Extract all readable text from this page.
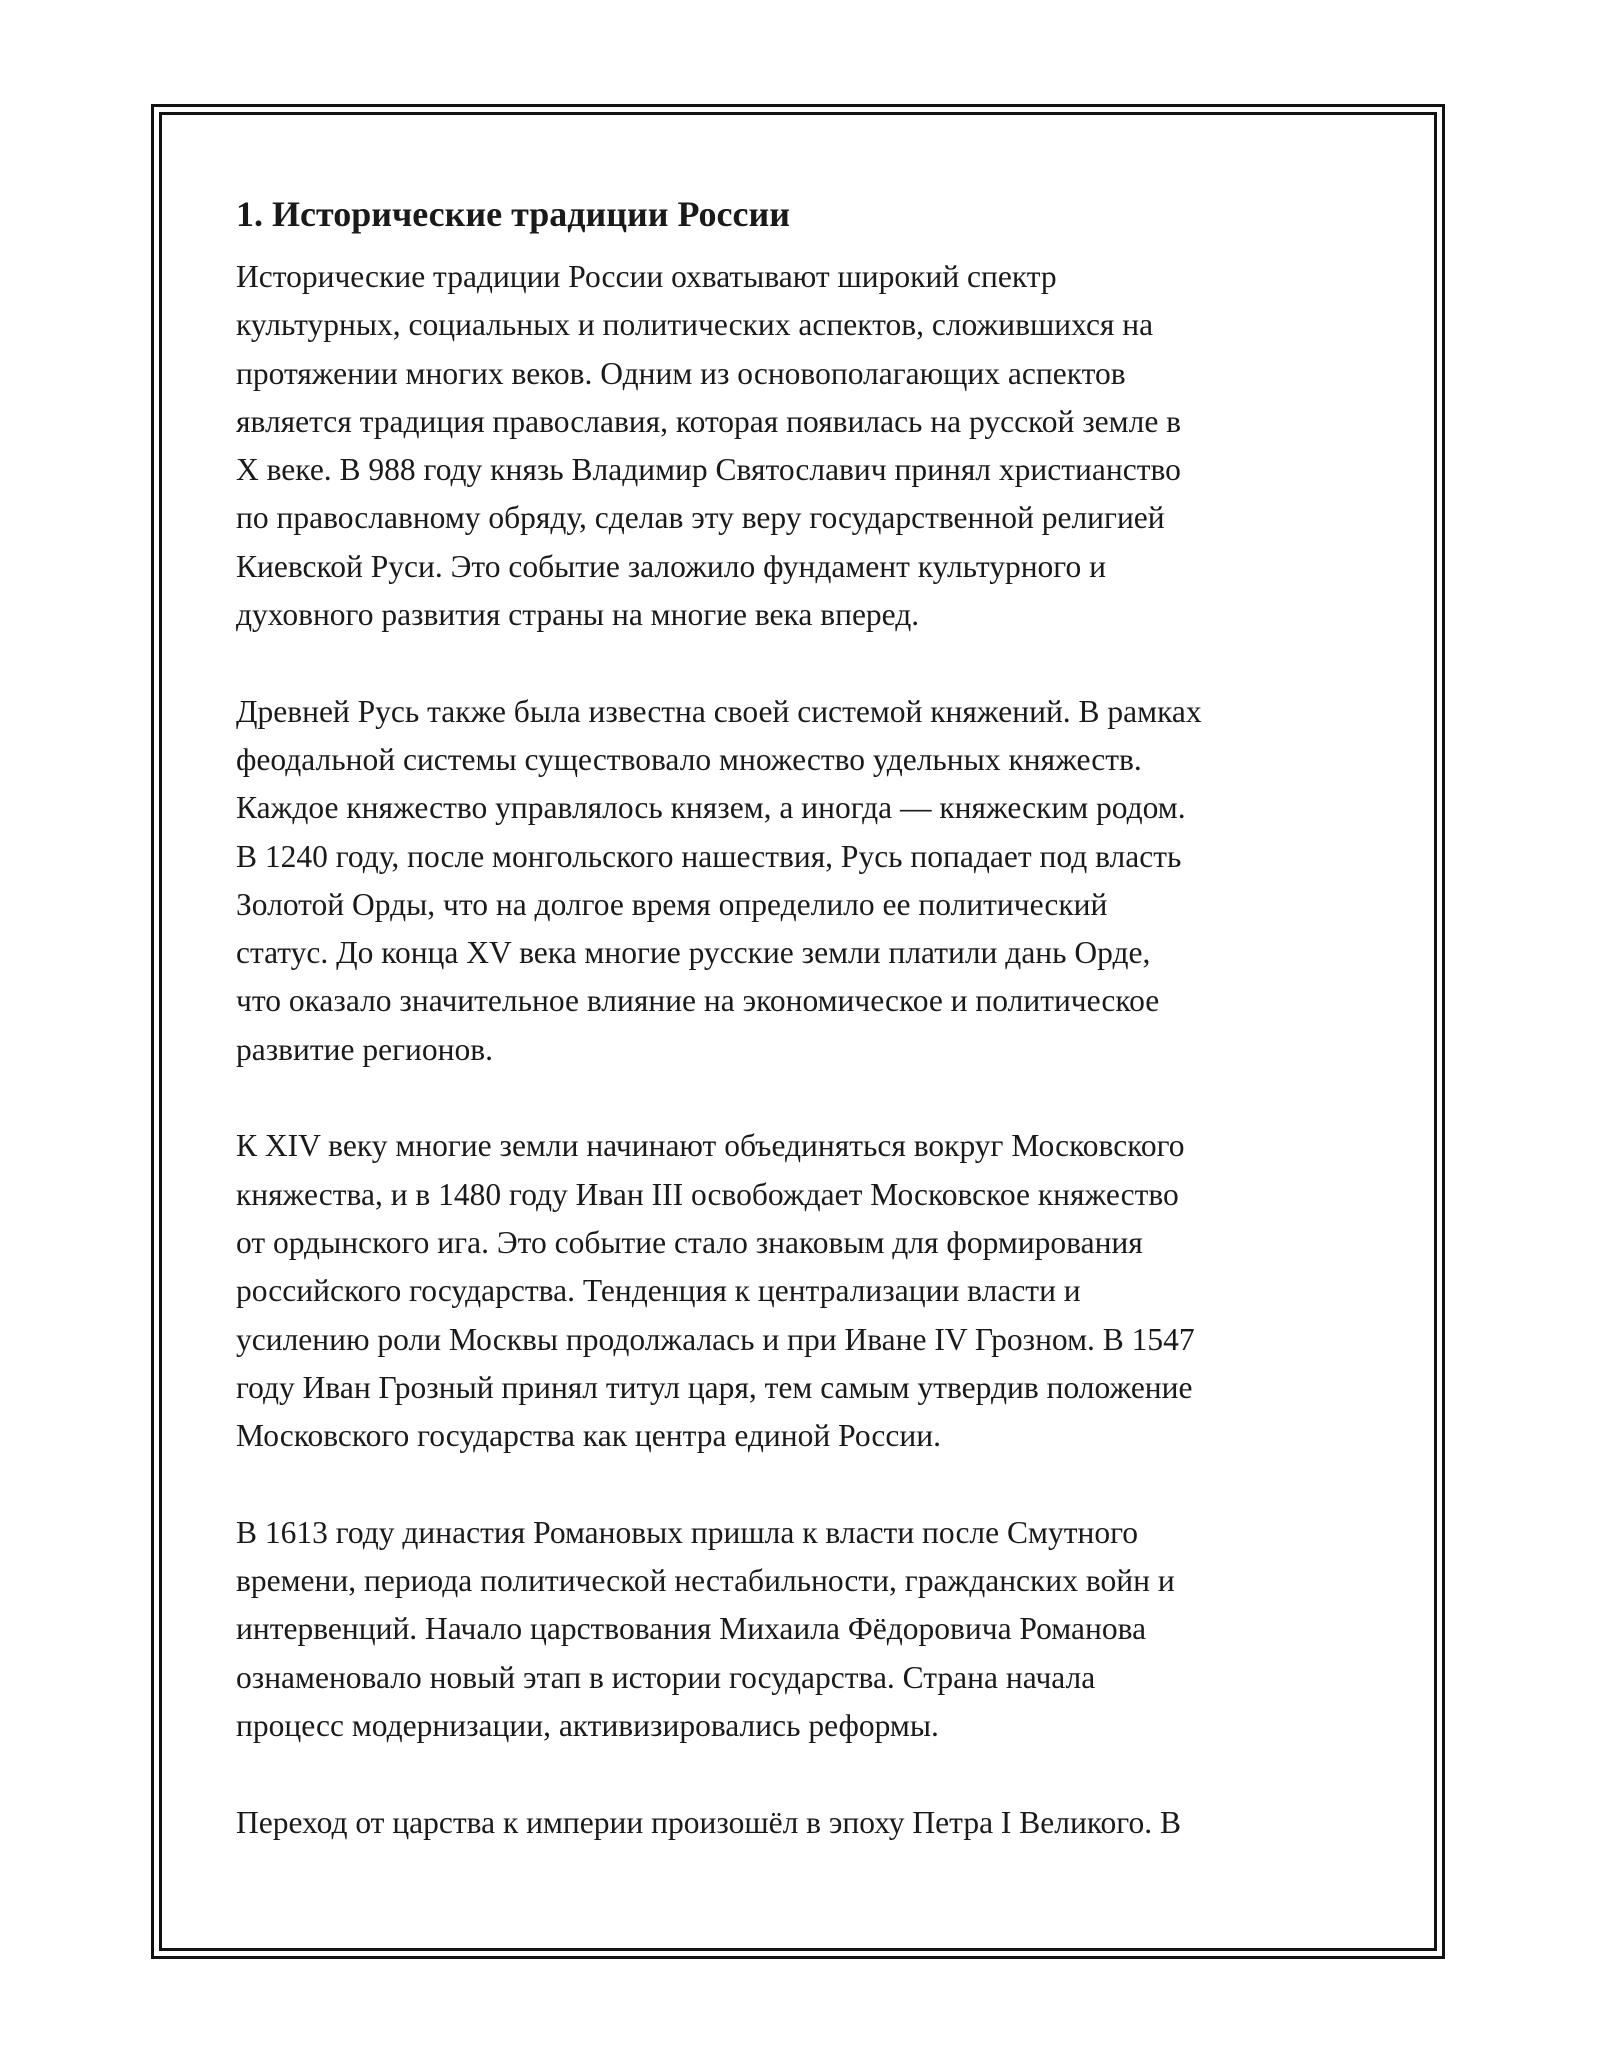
1. Исторические традиции России

Исторические традиции России охватывают широкий спектр
культурных, социальных и политических аспектов, сложившихся на
протяжении многих веков. Одним из основополагающих аспектов
является традиция православия, которая появилась на русской земле в
X веке. В 988 году князь Владимир Святославич принял христианство
по православному обряду, сделав эту веру государственной религией
Киевской Руси. Это событие заложило фундамент культурного и
духовного развития страны на многие века вперед.

Древней Русь также была известна своей системой княжений. В рамках
феодальной системы существовало множество удельных княжеств.
Каждое княжество управлялось князем, а иногда — княжеским родом.
В 1240 году, после монгольского нашествия, Русь попадает под власть
Золотой Орды, что на долгое время определило ее политический
статус. До конца XV века многие русские земли платили дань Орде,
что оказало значительное влияние на экономическое и политическое
развитие регионов.

К XIV веку многие земли начинают объединяться вокруг Московского
княжества, и в 1480 году Иван III освобождает Московское княжество
от ордынского ига. Это событие стало знаковым для формирования
российского государства. Тенденция к централизации власти и
усилению роли Москвы продолжалась и при Иване IV Грозном. В 1547
году Иван Грозный принял титул царя, тем самым утвердив положение
Московского государства как центра единой России.

В 1613 году династия Романовых пришла к власти после Смутного
времени, периода политической нестабильности, гражданских войн и
интервенций. Начало царствования Михаила Фёдоровича Романова
ознаменовало новый этап в истории государства. Страна начала
процесс модернизации, активизировались реформы.

Переход от царства к империи произошёл в эпоху Петра I Великого. В
